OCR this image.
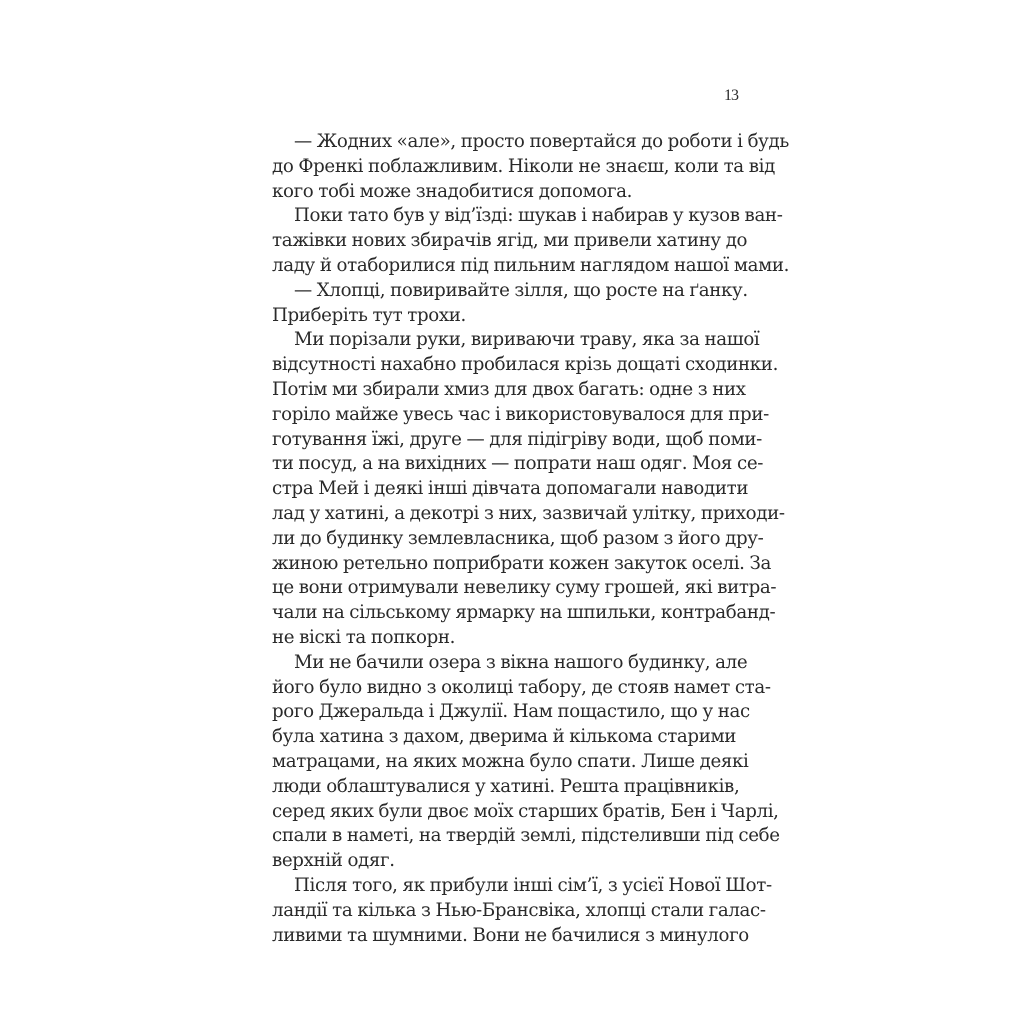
13
— Жодних «але», просто повертайся до роботи і будь
до Френкі поблажливим. Ніколи не знаєш, коли та від
кого тобі може знадобитися допомога.
Поки тато був у від’їзді: шукав і набирав у кузов ван-
тажівки нових збирачів ягід, ми привели хатину до
ладу й отаборилися під пильним наглядом нашої мами.
— Хлопці, повиривайте зілля, що росте на ґанку.
Приберіть тут трохи.
Ми порізали руки, вириваючи траву, яка за нашої
відсутності нахабно пробилася крізь дощаті сходинки.
Потім ми збирали хмиз для двох багать: одне з них
горіло майже увесь час і використовувалося для при-
готування їжі, друге — для підігріву води, щоб поми-
ти посуд, а на вихідних — попрати наш одяг. Моя се-
стра Мей і деякі інші дівчата допомагали наводити
лад у хатині, а декотрі з них, зазвичай улітку, приходи-
ли до будинку землевласника, щоб разом з його дру-
жиною ретельно поприбрати кожен закуток оселі. За
це вони отримували невелику суму грошей, які витра-
чали на сільському ярмарку на шпильки, контрабанд-
не віскі та попкорн.
Ми не бачили озера з вікна нашого будинку, але
його було видно з околиці табору, де стояв намет ста-
рого Джеральда і Джулії. Нам пощастило, що у нас
була хатина з дахом, дверима й кількома старими
матрацами, на яких можна було спати. Лише деякі
люди облаштувалися у хатині. Решта працівників,
серед яких були двоє моїх старших братів, Бен і Чарлі,
спали в наметі, на твердій землі, підстеливши під себе
верхній одяг.
Після того, як прибули інші сім’ї, з усієї Нової Шот-
ландії та кілька з Нью-Брансвіка, хлопці стали галас-
ливими та шумними. Вони не бачилися з минулого
